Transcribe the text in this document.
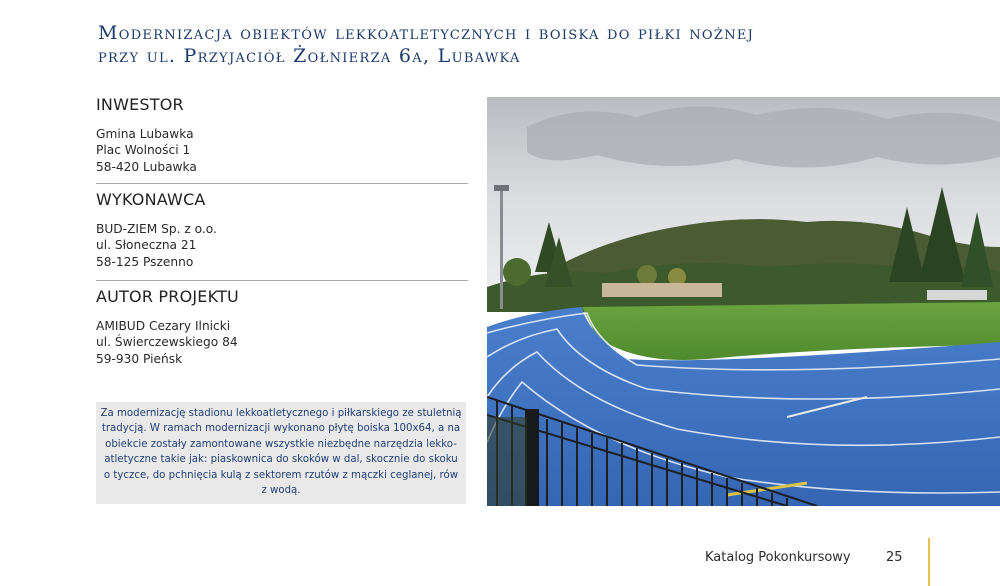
Modernizacja obiektów lekkoatletycznych i boiska do piłki nożnej
przy ul. Przyjaciół Żołnierza 6a, Lubawka
INWESTOR
Gmina Lubawka
Plac Wolności 1
58-420 Lubawka
WYKONAWCA
BUD-ZIEM Sp. z o.o.
ul. Słoneczna 21
58-125 Pszenno
AUTOR PROJEKTU
AMIBUD Cezary Ilnicki
ul. Świerczewskiego 84
59-930 Pieńsk
Za modernizację stadionu lekkoatletycznego i piłkarskiego ze stuletnią
tradycją. W ramach modernizacji wykonano płytę boiska 100x64, a na
obiekcie zostały zamontowane wszystkie niezbędne narzędzia lekko-
atletyczne takie jak: piaskownica do skoków w dal, skocznie do skoku
o tyczce, do pchnięcia kulą z sektorem rzutów z mączki ceglanej, rów
z wodą.
Katalog Pokonkursowy	25
